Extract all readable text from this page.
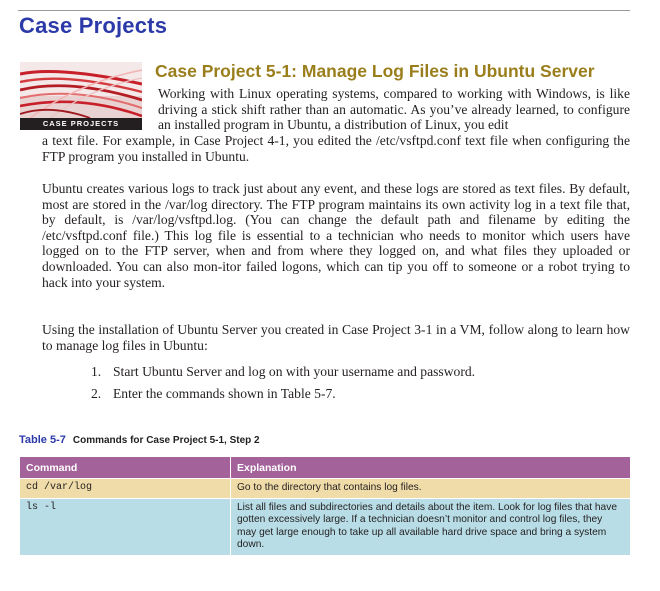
Case Projects
CASE PROJECTS
Case Project 5-1: Manage Log Files in Ubuntu Server

Working with Linux operating systems, compared to working with Windows, is like driving a stick shift rather than an automatic. As you’ve already learned, to configure an installed program in Ubuntu, a distribution of Linux, you edit

a text file. For example, in Case Project 4-1, you edited the /etc/vsftpd.conf text file when configuring the FTP program you installed in Ubuntu.

Ubuntu creates various logs to track just about any event, and these logs are stored as text files. By default, most are stored in the /var/log directory. The FTP program maintains its own activity log in a text file that, by default, is /var/log/vsftpd.log. (You can change the default path and filename by editing the /etc/vsftpd.conf file.) This log file is essential to a technician who needs to monitor which users have logged on to the FTP server, when and from where they logged on, and what files they uploaded or downloaded. You can also mon-itor failed logons, which can tip you off to someone or a robot trying to hack into your system.

Using the installation of Ubuntu Server you created in Case Project 3-1 in a VM, follow along to learn how to manage log files in Ubuntu:

1. Start Ubuntu Server and log on with your username and password.
2. Enter the commands shown in Table 5-7.

Table 5-7 Commands for Case Project 5-1, Step 2

Command	Explanation
cd /var/log	Go to the directory that contains log files.
ls -l	List all files and subdirectories and details about the item. Look for log files that have gotten excessively large. If a technician doesn’t monitor and control log files, they may get large enough to take up all available hard drive space and bring a system down.
